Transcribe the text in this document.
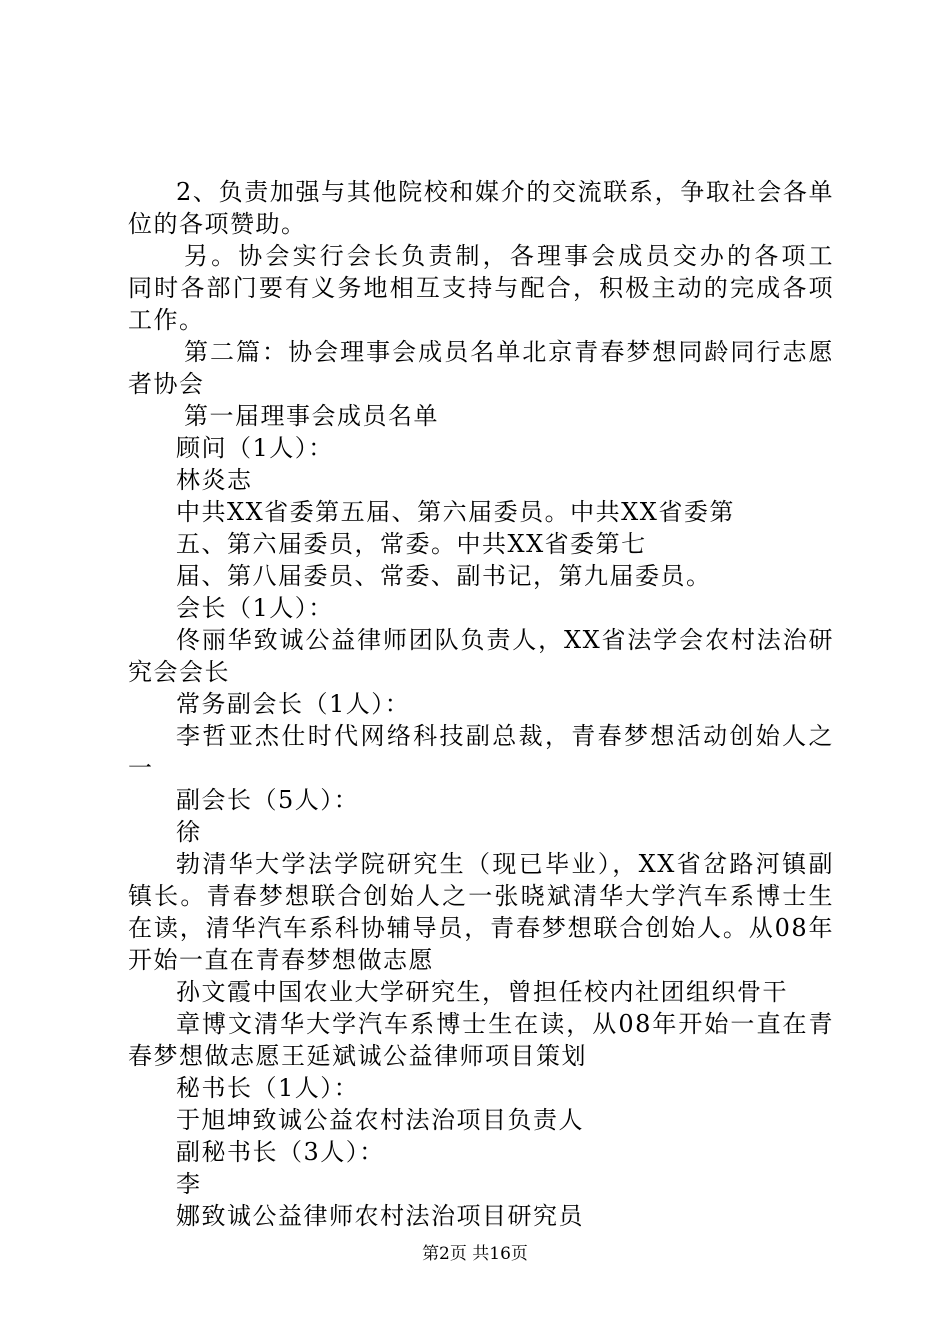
2、负责加强与其他院校和媒介的交流联系，争取社会各单
位的各项赞助。
另。协会实行会长负责制，各理事会成员交办的各项工
同时各部门要有义务地相互支持与配合，积极主动的完成各项
工作。
第二篇：协会理事会成员名单北京青春梦想同龄同行志愿
者协会
第一届理事会成员名单
顾问（1人）：
林炎志
中共XX省委第五届、第六届委员。中共XX省委第
五、第六届委员，常委。中共XX省委第七
届、第八届委员、常委、副书记，第九届委员。
会长（1人）：
佟丽华致诚公益律师团队负责人，XX省法学会农村法治研
究会会长
常务副会长（1人）：
李哲亚杰仕时代网络科技副总裁，青春梦想活动创始人之
一
副会长（5人）：
徐
勃清华大学法学院研究生（现已毕业），XX省岔路河镇副
镇长。青春梦想联合创始人之一张晓斌清华大学汽车系博士生
在读，清华汽车系科协辅导员，青春梦想联合创始人。从08年
开始一直在青春梦想做志愿
孙文霞中国农业大学研究生，曾担任校内社团组织骨干
章博文清华大学汽车系博士生在读，从08年开始一直在青
春梦想做志愿王延斌诚公益律师项目策划
秘书长（1人）：
于旭坤致诚公益农村法治项目负责人
副秘书长（3人）：
李
娜致诚公益律师农村法治项目研究员
第2页 共16页
